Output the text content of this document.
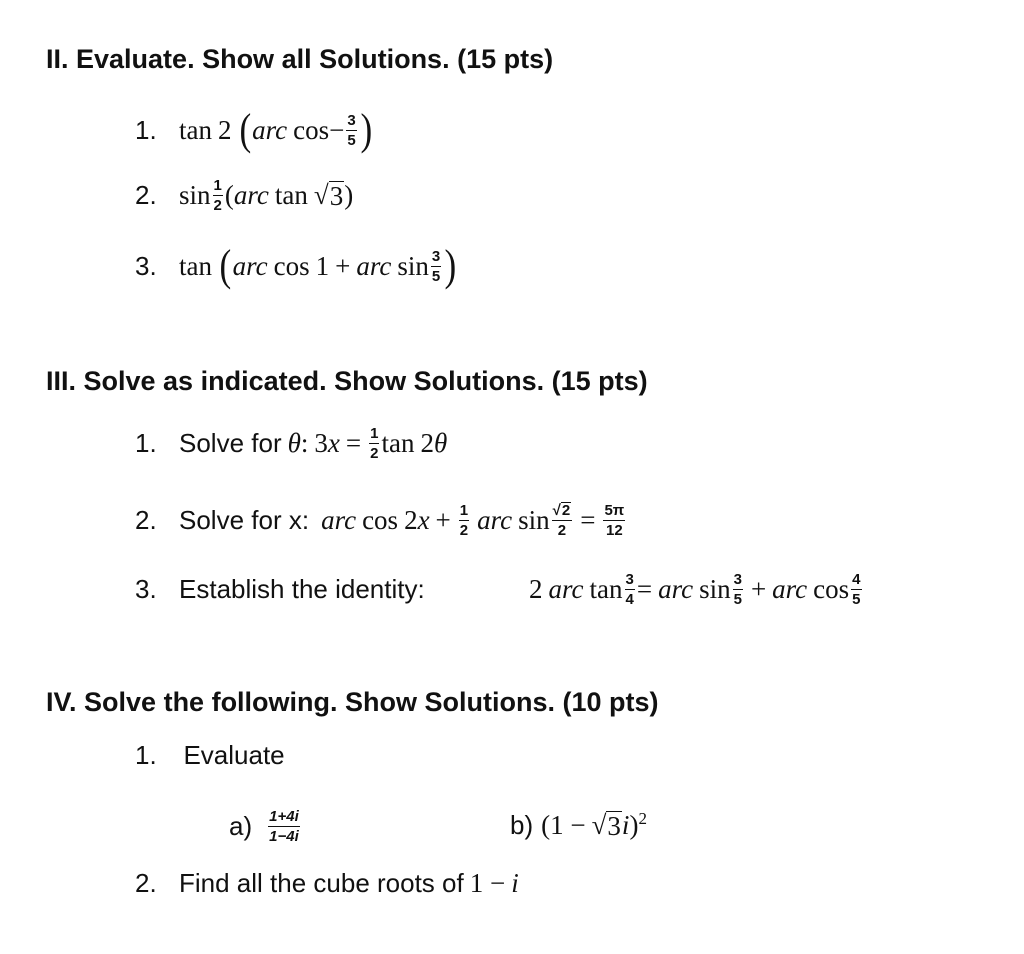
II. Evaluate. Show all Solutions. (15 pts)
1. tan 2 ( arc $\cos - \frac{3}{5}$ )
2. $\sin \frac{1}{2}$ ( arc tan √ 3 )
3. tan ( arc cos 1 + arc $\sin \frac{3}{5}$ )
III. Solve as indicated. Show Solutions. (15 pts)
1. Solve for θ : 3 $x = \frac{1}{2}$ tan 2 θ
2. Solve for x: arc cos 2 $x + \frac{1}{2}$ arc $\sin \frac{√ 2}{2} = \frac{5\pi}{12}$
3. Establish the identity:	2 arc $\tan \frac{3}{4}$ = arc $\sin \frac{3}{5}$ + arc $\cos \frac{4}{5}$
IV. Solve the following. Show Solutions. (10 pts)
1. Evaluate
$a) \frac{1+4i}{1-4i}$	b) (1 − √ 3 i )$^2$
2. Find all the cube roots of 1 − i
